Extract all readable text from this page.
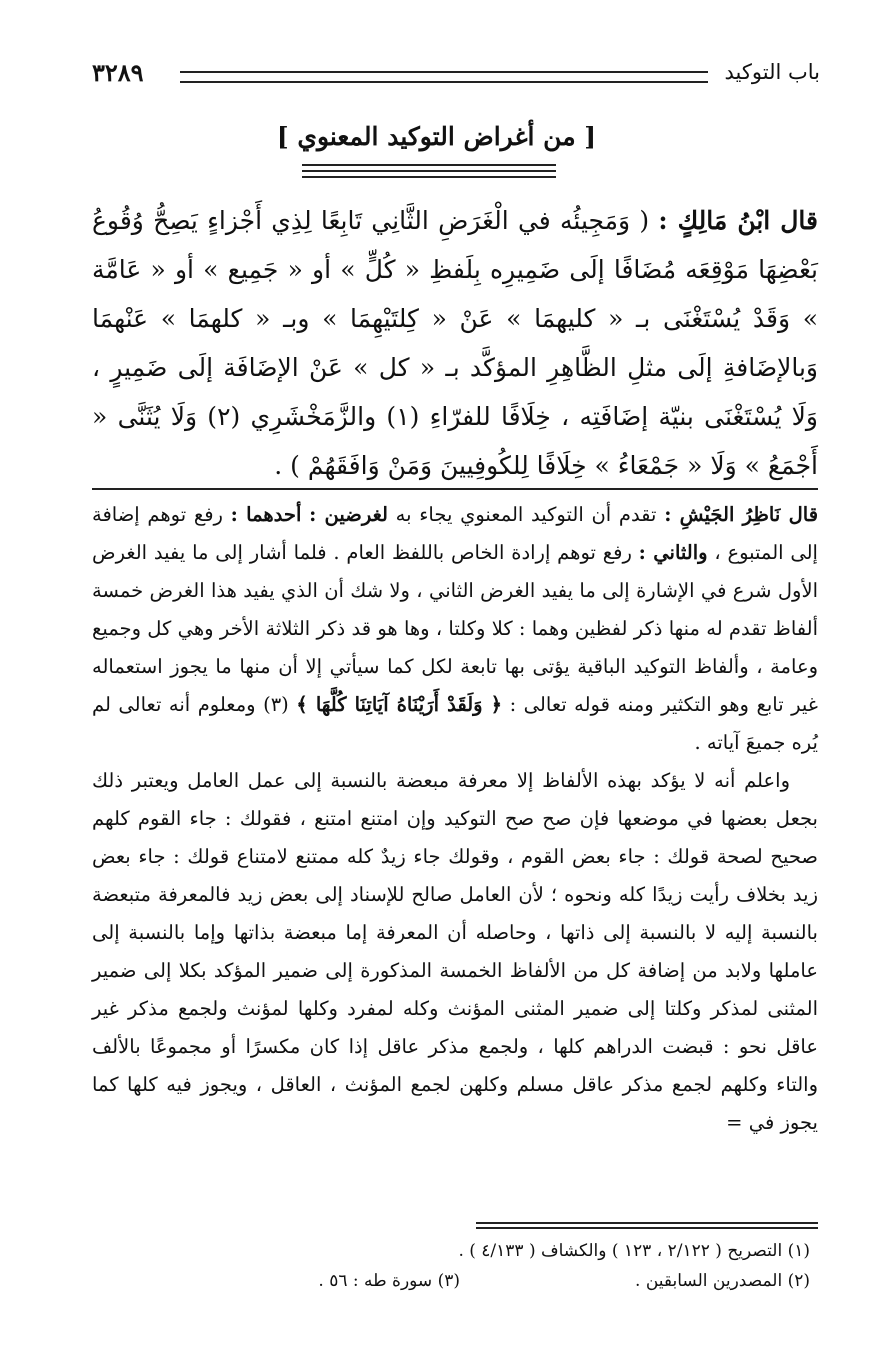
باب التوكيد
٣٢٨٩
[ من أغراض التوكيد المعنوي ]
قال ابْنُ مَالِكٍ : ( وَمَجِيئُه في الْغَرَضِ الثَّانِي تَابِعًا لِذِي أَجْزاءٍ يَصِحُّ وُقُوعُ بَعْضِهَا مَوْقِعَه مُضَافًا إلَى ضَمِيرِه بِلَفظِ « كُلٍّ » أو « جَمِيع » أو « عَامَّة » وَقَدْ يُسْتَغْنَى بـ « كليهمَا » عَنْ « كِلتَيْهِمَا » وبـ « كلهمَا » عَنْهمَا وَبالإضَافةِ إلَى مثلِ الظَّاهِرِ المؤكَّد بـ « كل » عَنْ الإضَافَة إلَى ضَمِيرٍ ، وَلَا يُسْتَغْنَى بنيّة إضَافَتِه ، خِلَافًا للفرّاءِ (١) والزَّمَخْشَرِي (٢) وَلَا يُثَنَّى « أَجْمَعُ » وَلَا « جَمْعَاءُ » خِلَافًا لِلكُوفِيينَ وَمَنْ وَافَقَهُمْ ) .

قال نَاظِرُ الجَيْشِ : تقدم أن التوكيد المعنوي يجاء به لغرضين : أحدهما : رفع توهم إضافة إلى المتبوع ، والثاني : رفع توهم إرادة الخاص باللفظ العام . فلما أشار إلى ما يفيد الغرض الأول شرع في الإشارة إلى ما يفيد الغرض الثاني ، ولا شك أن الذي يفيد هذا الغرض خمسة ألفاظ تقدم له منها ذكر لفظين وهما : كلا وكلتا ، وها هو قد ذكر الثلاثة الأخر وهي كل وجميع وعامة ، وألفاظ التوكيد الباقية يؤتى بها تابعة لكل كما سيأتي إلا أن منها ما يجوز استعماله غير تابع وهو التكثير ومنه قوله تعالى : ﴿ وَلَقَدْ أَرَيْنَاهُ آيَاتِنَا كُلَّهَا ﴾ (٣) ومعلوم أنه تعالى لم يُره جميعَ آياته .

واعلم أنه لا يؤكد بهذه الألفاظ إلا معرفة مبعضة بالنسبة إلى عمل العامل ويعتبر ذلك بجعل بعضها في موضعها فإن صح صح التوكيد وإن امتنع امتنع ، فقولك : جاء القوم كلهم صحيح لصحة قولك : جاء بعض القوم ، وقولك جاء زيدٌ كله ممتنع لامتناع قولك : جاء بعض زيد بخلاف رأيت زيدًا كله ونحوه ؛ لأن العامل صالح للإسناد إلى بعض زيد فالمعرفة متبعضة بالنسبة إليه لا بالنسبة إلى ذاتها ، وحاصله أن المعرفة إما مبعضة بذاتها وإما بالنسبة إلى عاملها ولابد من إضافة كل من الألفاظ الخمسة المذكورة إلى ضمير المؤكد بكلا إلى ضمير المثنى لمذكر وكلتا إلى ضمير المثنى المؤنث وكله لمفرد وكلها لمؤنث ولجمع مذكر غير عاقل نحو : قبضت الدراهم كلها ، ولجمع مذكر عاقل إذا كان مكسرًا أو مجموعًا بالألف والتاء وكلهم لجمع مذكر عاقل مسلم وكلهن لجمع المؤنث ، العاقل ، ويجوز فيه كلها كما يجوز في =

(١) التصريح ( ٢/١٢٢ ، ١٢٣ ) والكشاف ( ٤/١٣٣ ) .
(٢) المصدرين السابقين .
(٣) سورة طه : ٥٦ .
